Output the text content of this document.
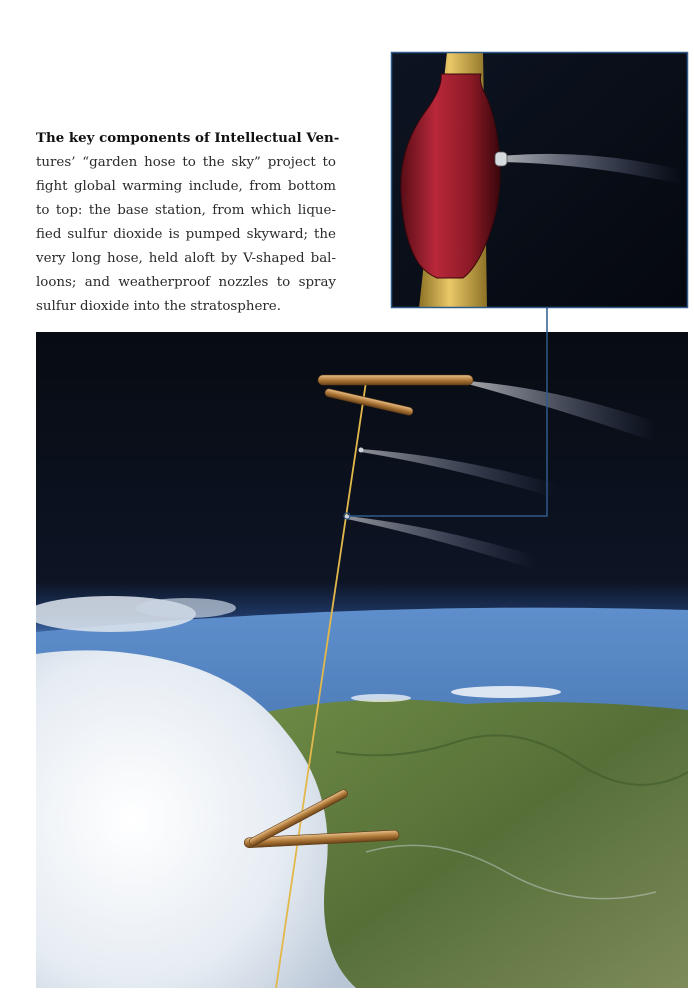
The key components of Intellectual Ven-
tures’ “garden hose to the sky” project to
fight global warming include, from bottom
to top: the base station, from which lique-
fied sulfur dioxide is pumped skyward; the
very long hose, held aloft by V-shaped bal-
loons; and weatherproof nozzles to spray
sulfur dioxide into the stratosphere.
